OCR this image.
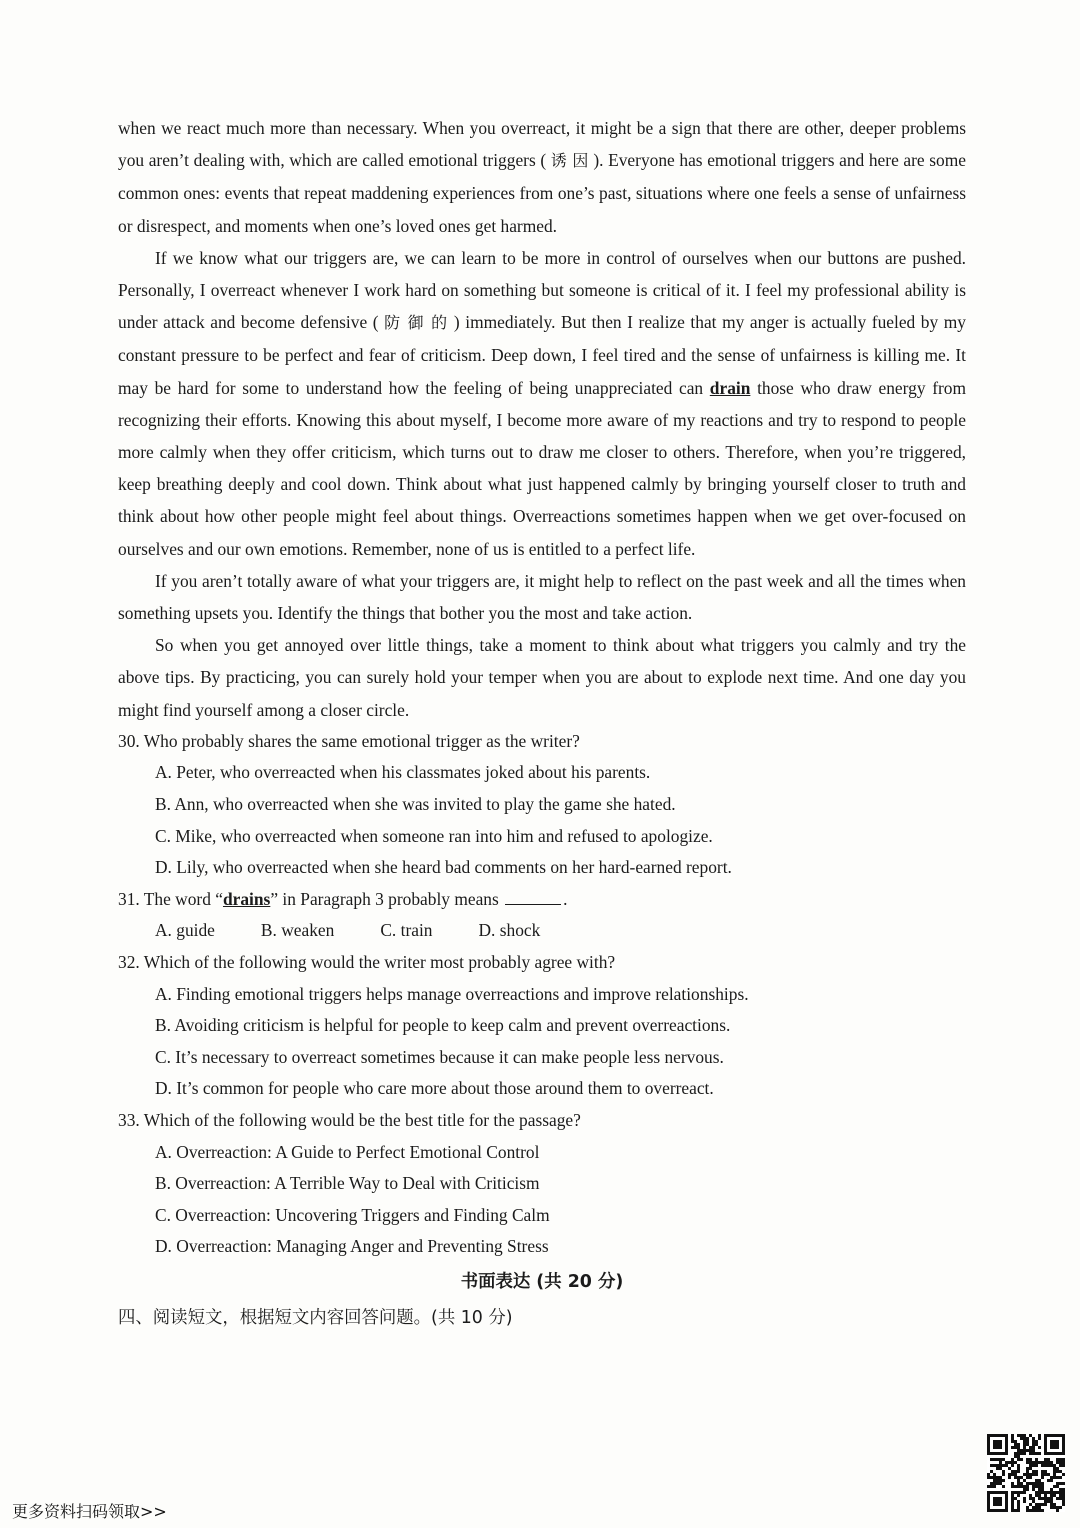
when we react much more than necessary. When you overreact, it might be a sign that there are other, deeper problems you aren’t dealing with, which are called emotional triggers ( 诱 因 ). Everyone has emotional triggers and here are some common ones: events that repeat maddening experiences from one’s past, situations where one feels a sense of unfairness or disrespect, and moments when one’s loved ones get harmed.

If we know what our triggers are, we can learn to be more in control of ourselves when our buttons are pushed. Personally, I overreact whenever I work hard on something but someone is critical of it. I feel my professional ability is under attack and become defensive ( 防 御 的 ) immediately. But then I realize that my anger is actually fueled by my constant pressure to be perfect and fear of criticism. Deep down, I feel tired and the sense of unfairness is killing me. It may be hard for some to understand how the feeling of being unappreciated can drain those who draw energy from recognizing their efforts. Knowing this about myself, I become more aware of my reactions and try to respond to people more calmly when they offer criticism, which turns out to draw me closer to others. Therefore, when you’re triggered, keep breathing deeply and cool down. Think about what just happened calmly by bringing yourself closer to truth and think about how other people might feel about things. Overreactions sometimes happen when we get over-focused on ourselves and our own emotions. Remember, none of us is entitled to a perfect life.

If you aren’t totally aware of what your triggers are, it might help to reflect on the past week and all the times when something upsets you. Identify the things that bother you the most and take action.

So when you get annoyed over little things, take a moment to think about what triggers you calmly and try the above tips. By practicing, you can surely hold your temper when you are about to explode next time. And one day you might find yourself among a closer circle.

30. Who probably shares the same emotional trigger as the writer?

A. Peter, who overreacted when his classmates joked about his parents.

B. Ann, who overreacted when she was invited to play the game she hated.

C. Mike, who overreacted when someone ran into him and refused to apologize.

D. Lily, who overreacted when she heard bad comments on her hard-earned report.

31. The word “drains” in Paragraph 3 probably means	.

A. guide	B. weaken	C. train	D. shock

32. Which of the following would the writer most probably agree with?

A. Finding emotional triggers helps manage overreactions and improve relationships.

B. Avoiding criticism is helpful for people to keep calm and prevent overreactions.

C. It’s necessary to overreact sometimes because it can make people less nervous.

D. It’s common for people who care more about those around them to overreact.

33. Which of the following would be the best title for the passage?

A. Overreaction: A Guide to Perfect Emotional Control

B. Overreaction: A Terrible Way to Deal with Criticism

C. Overreaction: Uncovering Triggers and Finding Calm

D. Overreaction: Managing Anger and Preventing Stress

书面表达 (共 20 分)

四、阅读短文，根据短文内容回答问题。(共 10 分)

更多资料扫码领取>>
